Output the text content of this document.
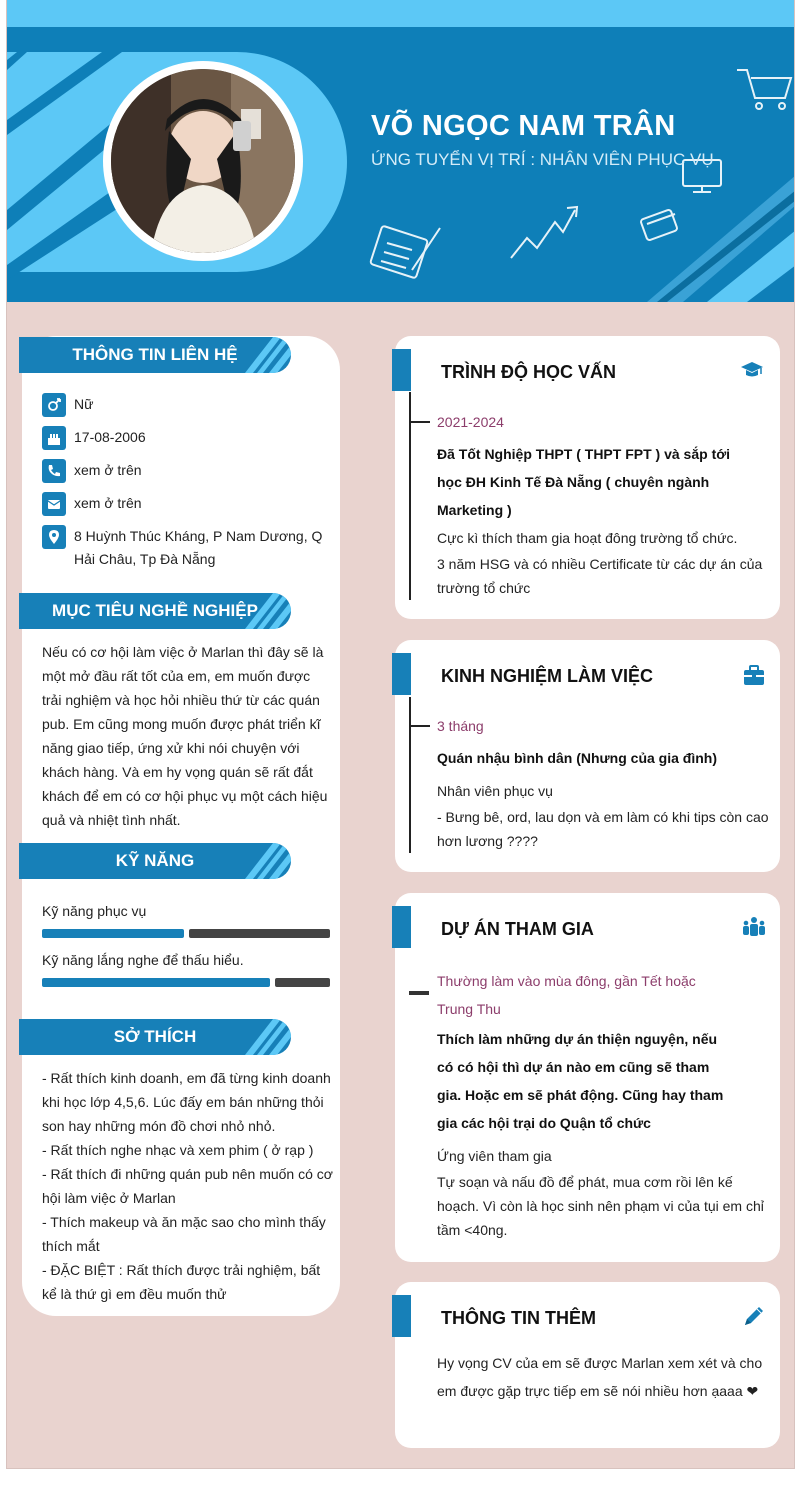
VÕ NGỌC NAM TRÂN
ỨNG TUYỂN VỊ TRÍ : NHÂN VIÊN PHỤC VỤ
THÔNG TIN LIÊN HỆ
Nữ
17-08-2006
xem ở trên
xem ở trên
8 Huỳnh Thúc Kháng, P Nam Dương, Q Hải Châu, Tp Đà Nẵng
MỤC TIÊU NGHỀ NGHIỆP
Nếu có cơ hội làm việc ở Marlan thì đây sẽ là một mở đầu rất tốt của em, em muốn được trải nghiệm và học hỏi nhiều thứ từ các quán pub. Em cũng mong muốn được phát triển kĩ năng giao tiếp, ứng xử khi nói chuyện với khách hàng. Và em hy vọng quán sẽ rất đắt khách để em có cơ hội phục vụ một cách hiệu quả và nhiệt tình nhất.
KỸ NĂNG
Kỹ năng phục vụ
Kỹ năng lắng nghe để thấu hiểu.
SỞ THÍCH
- Rất thích kinh doanh, em đã từng kinh doanh khi học lớp 4,5,6. Lúc đấy em bán những thỏi son hay những món đồ chơi nhỏ nhỏ.
- Rất thích nghe nhạc và xem phim ( ở rạp )
- Rất thích đi những quán pub nên muốn có cơ hội làm việc ở Marlan
- Thích makeup và ăn mặc sao cho mình thấy thích mắt
- ĐẶC BIỆT : Rất thích được trải nghiệm, bất kể là thứ gì em đều muốn thử
TRÌNH ĐỘ HỌC VẤN
2021-2024
Đã Tốt Nghiệp THPT ( THPT FPT ) và sắp tới học ĐH Kinh Tế Đà Nẵng ( chuyên ngành Marketing )
Cực kì thích tham gia hoạt đông trường tổ chức.
3 năm HSG và có nhiều Certificate từ các dự án của trường tổ chức
KINH NGHIỆM LÀM VIỆC
3 tháng
Quán nhậu bình dân (Nhưng của gia đình)
Nhân viên phục vụ
- Bưng bê, ord, lau dọn và em làm có khi tips còn cao hơn lương ????
DỰ ÁN THAM GIA
Thường làm vào mùa đông, gần Tết hoặc Trung Thu
Thích làm những dự án thiện nguyện, nếu có có hội thì dự án nào em cũng sẽ tham gia. Hoặc em sẽ phát động. Cũng hay tham gia các hội trại do Quận tổ chức
Ứng viên tham gia
Tự soạn và nấu đồ để phát, mua cơm rồi lên kế hoạch. Vì còn là học sinh nên phạm vi của tụi em chỉ tầm <40ng.
THÔNG TIN THÊM
Hy vọng CV của em sẽ được Marlan xem xét và cho em được gặp trực tiếp em sẽ nói nhiều hơn ạaaa ❤
